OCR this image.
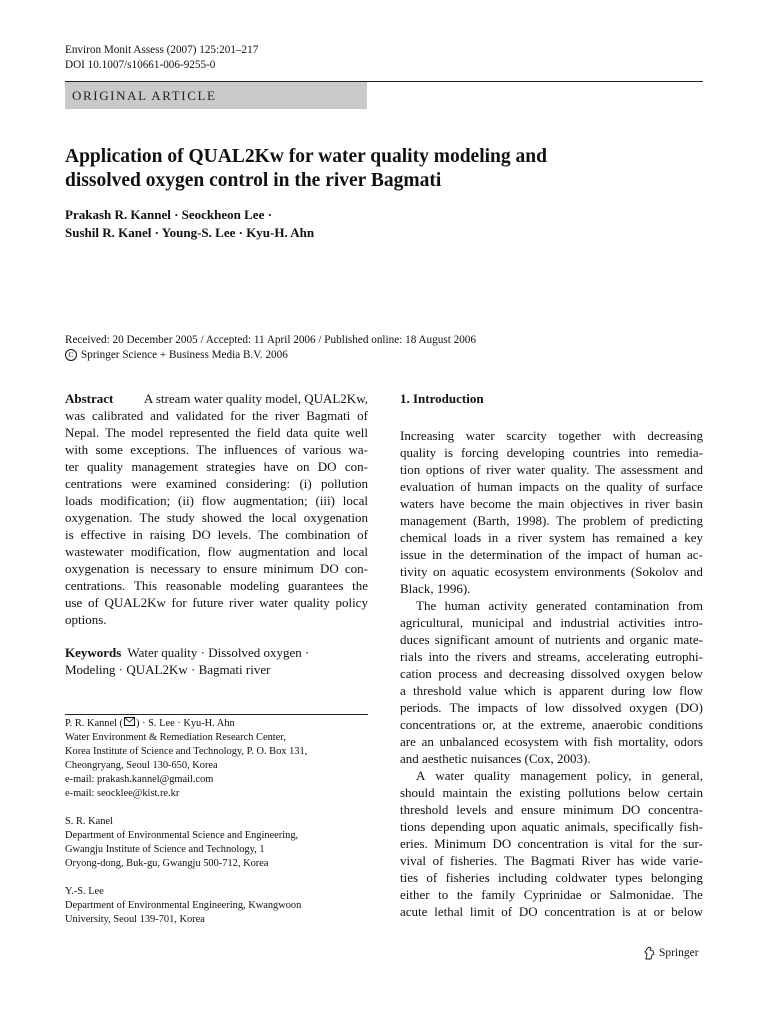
Environ Monit Assess (2007) 125:201–217
DOI 10.1007/s10661-006-9255-0
ORIGINAL ARTICLE
Application of QUAL2Kw for water quality modeling and
dissolved oxygen control in the river Bagmati
Prakash R. Kannel · Seockheon Lee ·
Sushil R. Kanel · Young-S. Lee · Kyu-H. Ahn
Received: 20 December 2005 / Accepted: 11 April 2006 / Published online: 18 August 2006
C Springer Science + Business Media B.V. 2006
Abstract	A stream water quality model, QUAL2Kw,
was calibrated and validated for the river Bagmati of
Nepal. The model represented the field data quite well
with some exceptions. The influences of various wa-
ter quality management strategies have on DO con-
centrations were examined considering: (i) pollution
loads modification; (ii) flow augmentation; (iii) local
oxygenation. The study showed the local oxygenation
is effective in raising DO levels. The combination of
wastewater modification, flow augmentation and local
oxygenation is necessary to ensure minimum DO con-
centrations. This reasonable modeling guarantees the
use of QUAL2Kw for future river water quality policy
options.
Keywords Water quality · Dissolved oxygen ·
Modeling · QUAL2Kw · Bagmati river
P. R. Kannel ( ) · S. Lee · Kyu-H. Ahn
Water Environment & Remediation Research Center,
Korea Institute of Science and Technology, P. O. Box 131,
Cheongryang, Seoul 130-650, Korea
e-mail: prakash.kannel@gmail.com
e-mail: seocklee@kist.re.kr
S. R. Kanel
Department of Environmental Science and Engineering,
Gwangju Institute of Science and Technology, 1
Oryong-dong, Buk-gu, Gwangju 500-712, Korea
Y.-S. Lee
Department of Environmental Engineering, Kwangwoon
University, Seoul 139-701, Korea
1. Introduction
Increasing water scarcity together with decreasing
quality is forcing developing countries into remedia-
tion options of river water quality. The assessment and
evaluation of human impacts on the quality of surface
waters have become the main objectives in river basin
management (Barth, 1998). The problem of predicting
chemical loads in a river system has remained a key
issue in the determination of the impact of human ac-
tivity on aquatic ecosystem environments (Sokolov and
Black, 1996).
The human activity generated contamination from
agricultural, municipal and industrial activities intro-
duces significant amount of nutrients and organic mate-
rials into the rivers and streams, accelerating eutrophi-
cation process and decreasing dissolved oxygen below
a threshold value which is apparent during low flow
periods. The impacts of low dissolved oxygen (DO)
concentrations or, at the extreme, anaerobic conditions
are an unbalanced ecosystem with fish mortality, odors
and aesthetic nuisances (Cox, 2003).
A water quality management policy, in general,
should maintain the existing pollutions below certain
threshold levels and ensure minimum DO concentra-
tions depending upon aquatic animals, specifically fish-
eries. Minimum DO concentration is vital for the sur-
vival of fisheries. The Bagmati River has wide varie-
ties of fisheries including coldwater types belonging
either to the family Cyprinidae or Salmonidae. The
acute lethal limit of DO concentration is at or below
Springer
